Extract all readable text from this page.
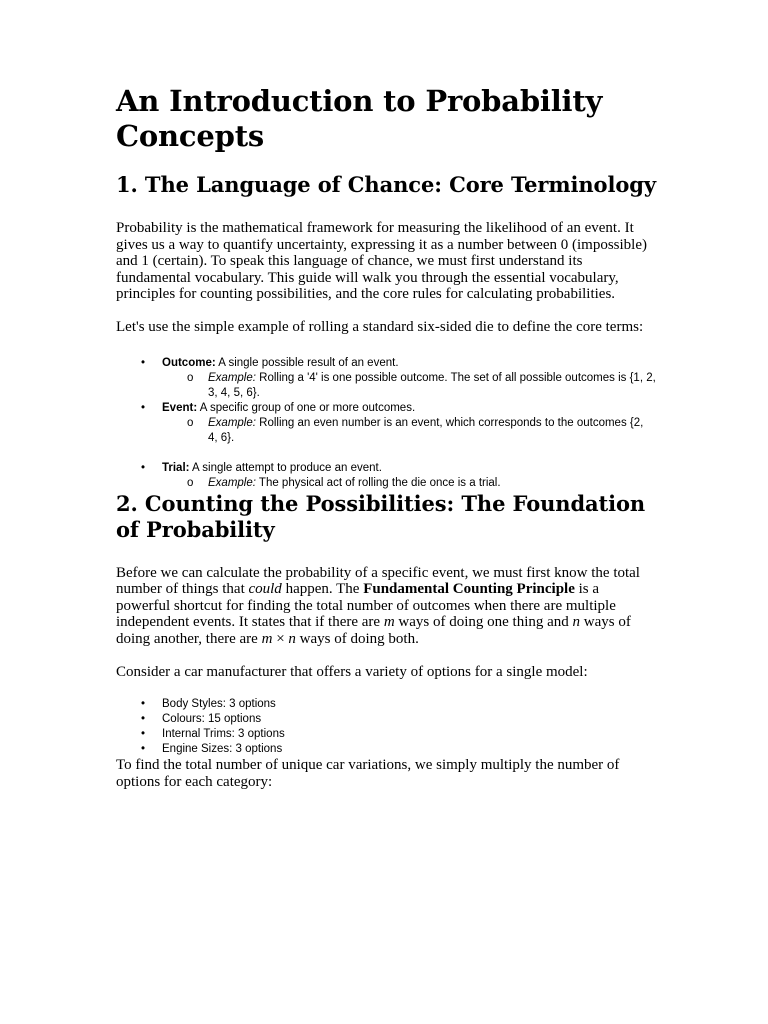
An Introduction to Probability Concepts
1. The Language of Chance: Core Terminology

Probability is the mathematical framework for measuring the likelihood of an event. It gives us a way to quantify uncertainty, expressing it as a number between 0 (impossible) and 1 (certain). To speak this language of chance, we must first understand its fundamental vocabulary. This guide will walk you through the essential vocabulary, principles for counting possibilities, and the core rules for calculating probabilities.

Let's use the simple example of rolling a standard six-sided die to define the core terms:

• Outcome: A single possible result of an event.
o Example: Rolling a '4' is one possible outcome. The set of all possible outcomes is {1, 2, 3, 4, 5, 6}.
• Event: A specific group of one or more outcomes.
o Example: Rolling an even number is an event, which corresponds to the outcomes {2, 4, 6}.
• Trial: A single attempt to produce an event.
o Example: The physical act of rolling the die once is a trial.
2. Counting the Possibilities: The Foundation of Probability

Before we can calculate the probability of a specific event, we must first know the total number of things that could happen. The Fundamental Counting Principle is a powerful shortcut for finding the total number of outcomes when there are multiple independent events. It states that if there are m ways of doing one thing and n ways of doing another, there are m × n ways of doing both.

Consider a car manufacturer that offers a variety of options for a single model:

• Body Styles: 3 options
• Colours: 15 options
• Internal Trims: 3 options
• Engine Sizes: 3 options

To find the total number of unique car variations, we simply multiply the number of options for each category:
